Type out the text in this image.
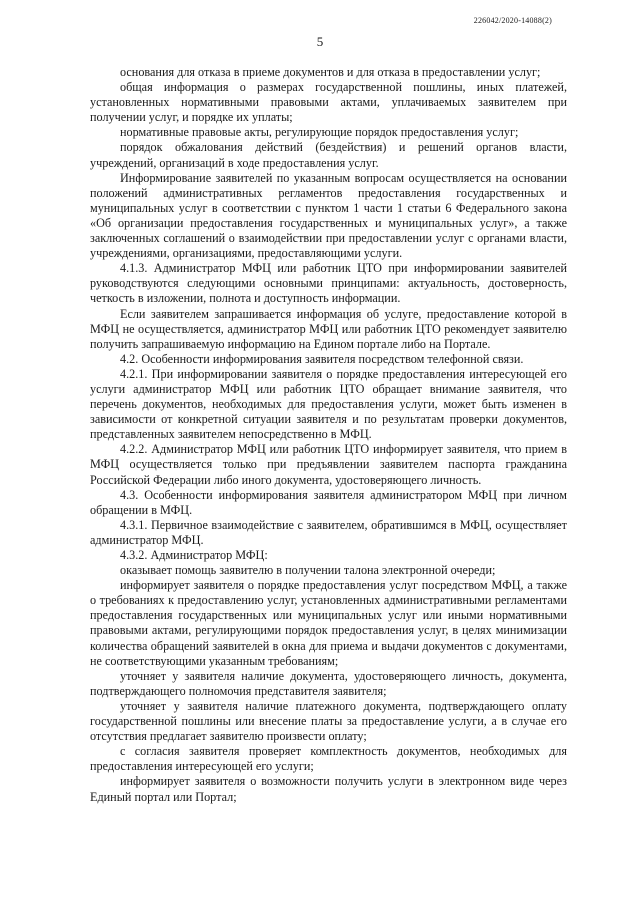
226042/2020-14088(2)
5

основания для отказа в приеме документов и для отказа в предоставлении услуг;

общая информация о размерах государственной пошлины, иных платежей, установленных нормативными правовыми актами, уплачиваемых заявителем при получении услуг, и порядке их уплаты;

нормативные правовые акты, регулирующие порядок предоставления услуг;

порядок обжалования действий (бездействия) и решений органов власти, учреждений, организаций в ходе предоставления услуг.

Информирование заявителей по указанным вопросам осуществляется на основании положений административных регламентов предоставления государственных и муниципальных услуг в соответствии с пунктом 1 части 1 статьи 6 Федерального закона «Об организации предоставления государственных и муниципальных услуг», а также заключенных соглашений о взаимодействии при предоставлении услуг с органами власти, учреждениями, организациями, предоставляющими услуги.

4.1.3. Администратор МФЦ или работник ЦТО при информировании заявителей руководствуются следующими основными принципами: актуальность, достоверность, четкость в изложении, полнота и доступность информации.

Если заявителем запрашивается информация об услуге, предоставление которой в МФЦ не осуществляется, администратор МФЦ или работник ЦТО рекомендует заявителю получить запрашиваемую информацию на Едином портале либо на Портале.

4.2. Особенности информирования заявителя посредством телефонной связи.

4.2.1. При информировании заявителя о порядке предоставления интересующей его услуги администратор МФЦ или работник ЦТО обращает внимание заявителя, что перечень документов, необходимых для предоставления услуги, может быть изменен в зависимости от конкретной ситуации заявителя и по результатам проверки документов, представленных заявителем непосредственно в МФЦ.

4.2.2. Администратор МФЦ или работник ЦТО информирует заявителя, что прием в МФЦ осуществляется только при предъявлении заявителем паспорта гражданина Российской Федерации либо иного документа, удостоверяющего личность.

4.3. Особенности информирования заявителя администратором МФЦ при личном обращении в МФЦ.

4.3.1. Первичное взаимодействие с заявителем, обратившимся в МФЦ, осуществляет администратор МФЦ.

4.3.2. Администратор МФЦ:

оказывает помощь заявителю в получении талона электронной очереди;

информирует заявителя о порядке предоставления услуг посредством МФЦ, а также о требованиях к предоставлению услуг, установленных административными регламентами предоставления государственных или муниципальных услуг или иными нормативными правовыми актами, регулирующими порядок предоставления услуг, в целях минимизации количества обращений заявителей в окна для приема и выдачи документов с документами, не соответствующими указанным требованиям;

уточняет у заявителя наличие документа, удостоверяющего личность, документа, подтверждающего полномочия представителя заявителя;

уточняет у заявителя наличие платежного документа, подтверждающего оплату государственной пошлины или внесение платы за предоставление услуги, а в случае его отсутствия предлагает заявителю произвести оплату;

с согласия заявителя проверяет комплектность документов, необходимых для предоставления интересующей его услуги;

информирует заявителя о возможности получить услуги в электронном виде через Единый портал или Портал;
